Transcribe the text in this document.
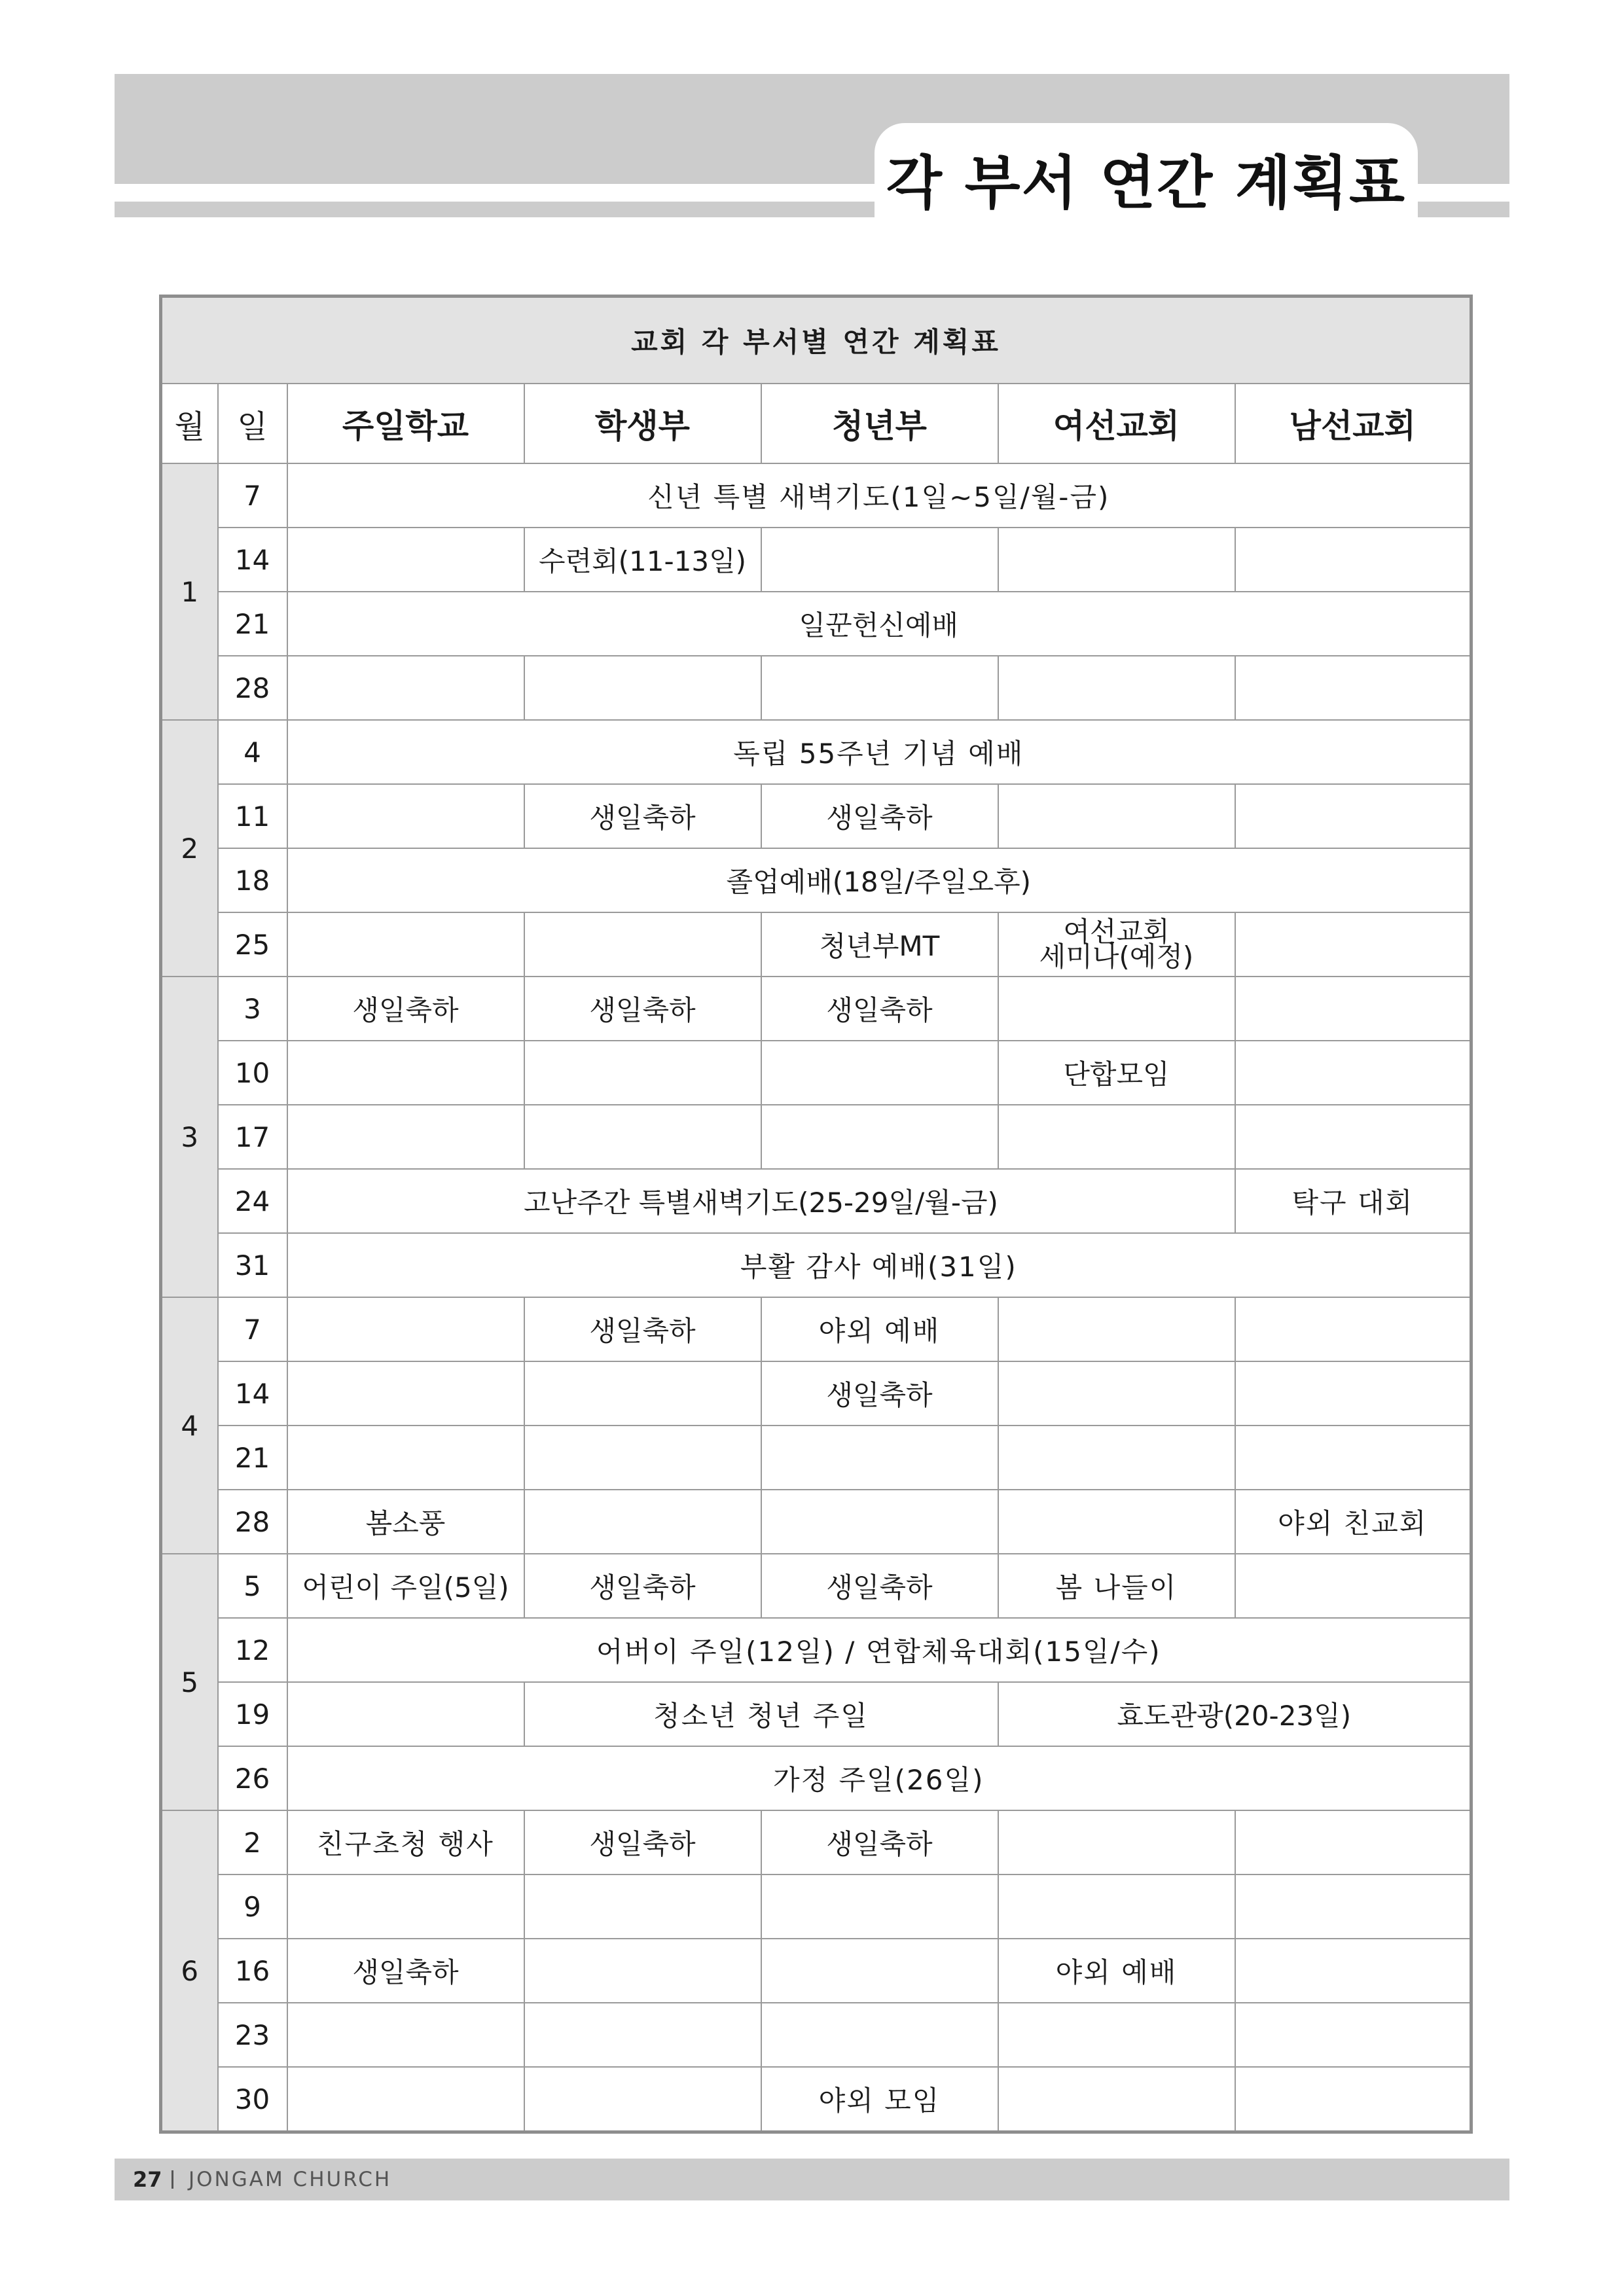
각 부서 연간 계획표
교회 각 부서별 연간 계획표						
월	일	주일학교	학생부	청년부	여선교회	남선교회
1	7	신년 특별 새벽기도(1일~5일/월-금)				
	14		수련회(11-13일)			
	21	일꾼헌신예배				
	28					
2	4	독립 55주년 기념 예배				
	11		생일축하	생일축하		
	18	졸업예배(18일/주일오후)				
	25			청년부MT	여선교회
세미나(예정)	
3	3	생일축하	생일축하	생일축하		
	10				단합모임	
	17					
	24	고난주간 특별새벽기도(25-29일/월-금)				탁구 대회
	31	부활 감사 예배(31일)				
4	7		생일축하	야외 예배		
	14			생일축하		
	21					
	28	봄소풍				야외 친교회
5	5	어린이 주일(5일)	생일축하	생일축하	봄 나들이	
	12	어버이 주일(12일) / 연합체육대회(15일/수)				
	19		청소년 청년 주일		효도관광(20-23일)	
	26	가정 주일(26일)				
6	2	친구초청 행사	생일축하	생일축하		
	9					
	16	생일축하			야외 예배	
	23					
	30			야외 모임		
27 JONGAM CHURCH
